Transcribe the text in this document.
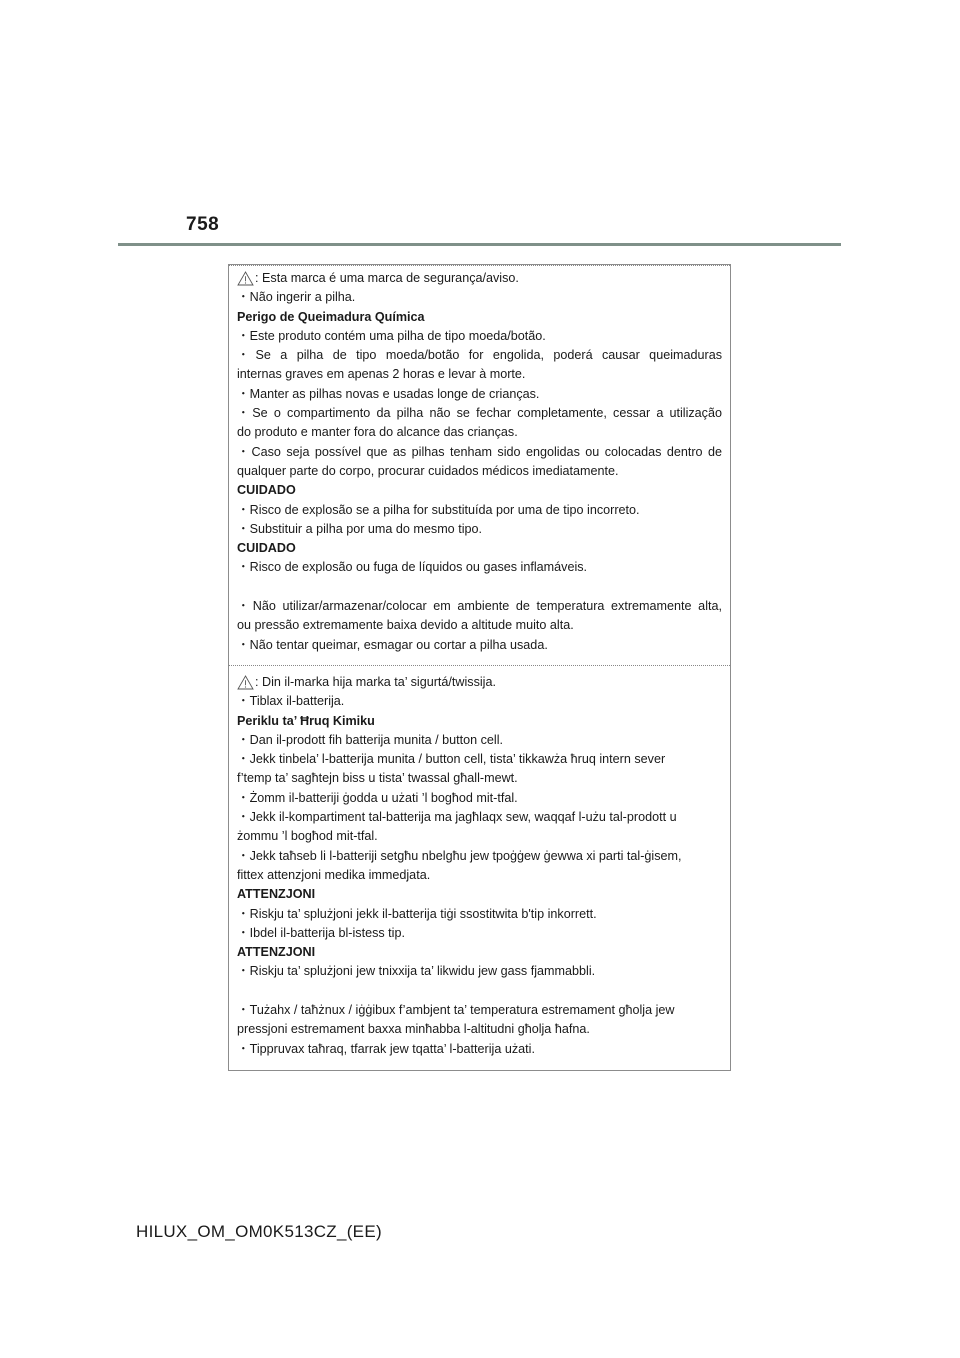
758
: Esta marca é uma marca de segurança/aviso.

・Não ingerir a pilha.

Perigo de Queimadura Química

・Este produto contém uma pilha de tipo moeda/botão.

・Se a pilha de tipo moeda/botão for engolida, poderá causar queimaduras

internas graves em apenas 2 horas e levar à morte.

・Manter as pilhas novas e usadas longe de crianças.

・Se o compartimento da pilha não se fechar completamente, cessar a utilização

do produto e manter fora do alcance das crianças.

・Caso seja possível que as pilhas tenham sido engolidas ou colocadas dentro de

qualquer parte do corpo, procurar cuidados médicos imediatamente.

CUIDADO

・Risco de explosão se a pilha for substituída por uma de tipo incorreto.

・Substituir a pilha por uma do mesmo tipo.

CUIDADO

・Risco de explosão ou fuga de líquidos ou gases inflamáveis.

・Não utilizar/armazenar/colocar em ambiente de temperatura extremamente alta,

ou pressão extremamente baixa devido a altitude muito alta.

・Não tentar queimar, esmagar ou cortar a pilha usada.

: Din il-marka hija marka ta’ sigurtá/twissija.

・Tiblax il-batterija.

Periklu ta’ Ħruq Kimiku

・Dan il-prodott fih batterija munita / button cell.

・Jekk tinbela’ l-batterija munita / button cell, tista’ tikkawża ħruq intern sever

f’temp ta’ sagħtejn biss u tista’ twassal għall-mewt.

・Żomm il-batteriji ġodda u użati ’l bogħod mit-tfal.

・Jekk il-kompartiment tal-batterija ma jagħlaqx sew, waqqaf l-użu tal-prodott u

żommu ’l bogħod mit-tfal.

・Jekk taħseb li l-batteriji setgħu nbelgħu jew tpoġġew ġewwa xi parti tal-ġisem,

fittex attenzjoni medika immedjata.

ATTENZJONI

・Riskju ta’ splużjoni jekk il-batterija tiġi ssostitwita b'tip inkorrett.

・Ibdel il-batterija bl-istess tip.

ATTENZJONI

・Riskju ta’ splużjoni jew tnixxija ta’ likwidu jew gass fjammabbli.

・Tużahx / taħżnux / iġġibux f’ambjent ta’ temperatura estremament għolja jew

pressjoni estremament baxxa minħabba l-altitudni għolja ħafna.

・Tippruvax taħraq, tfarrak jew tqatta’ l-batterija użati.

HILUX_OM_OM0K513CZ_(EE)
